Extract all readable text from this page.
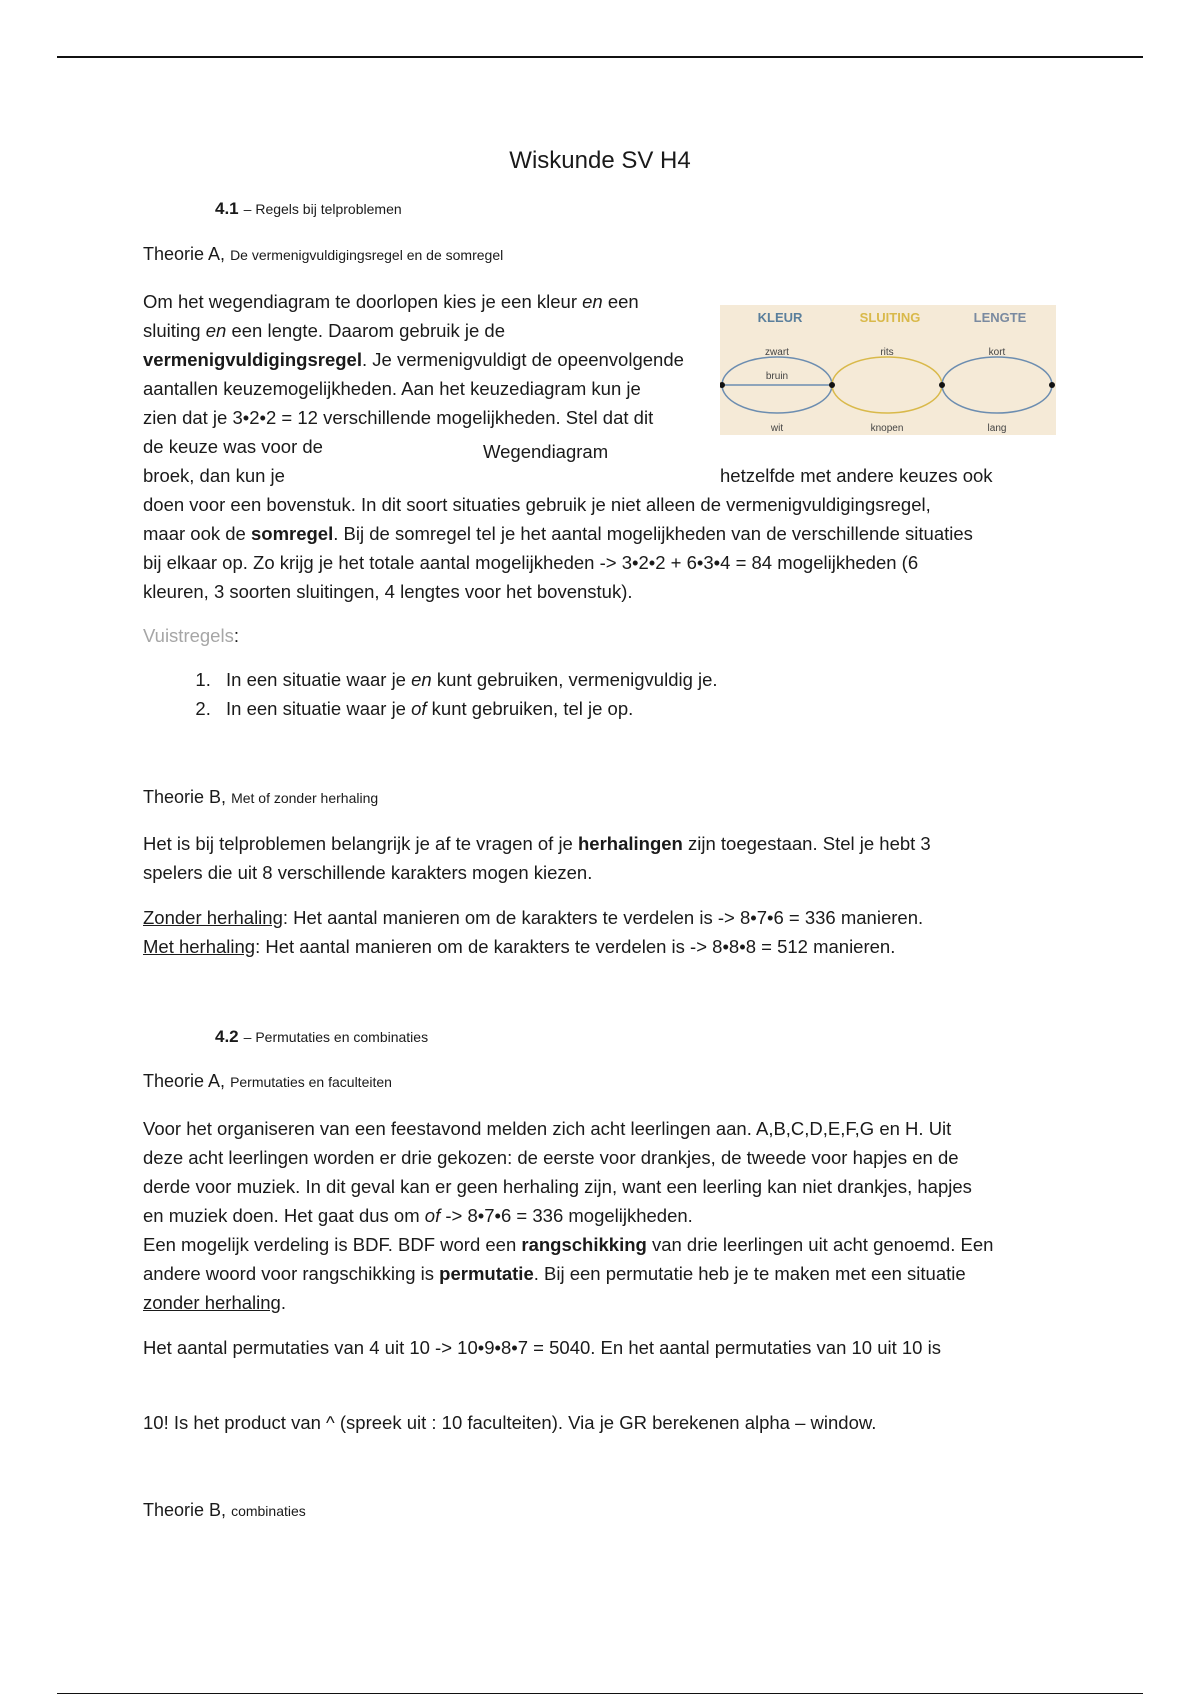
Wiskunde SV H4
4.1 – Regels bij telproblemen
Theorie A, De vermenigvuldigingsregel en de somregel

Om het wegendiagram te doorlopen kies je een kleur en een

sluiting en een lengte. Daarom gebruik je de

vermenigvuldigingsregel. Je vermenigvuldigt de opeenvolgende

aantallen keuzemogelijkheden. Aan het keuzediagram kun je

zien dat je 3•2•2 = 12 verschillende mogelijkheden. Stel dat dit

de keuze was voor de

broek, dan kun je	hetzelfde met andere keuzes ook

doen voor een bovenstuk. In dit soort situaties gebruik je niet alleen de vermenigvuldigingsregel,

maar ook de somregel. Bij de somregel tel je het aantal mogelijkheden van de verschillende situaties

bij elkaar op. Zo krijg je het totale aantal mogelijkheden -> 3•2•2 + 6•3•4 = 84 mogelijkheden (6

kleuren, 3 soorten sluitingen, 4 lengtes voor het bovenstuk).

KLEUR	SLUITING	LENGTE
zwart
bruin
wit
rits
knopen
kort
lang
Wegendiagram
Vuistregels:
1. In een situatie waar je en kunt gebruiken, vermenigvuldig je.
2. In een situatie waar je of kunt gebruiken, tel je op.
Theorie B, Met of zonder herhaling

Het is bij telproblemen belangrijk je af te vragen of je herhalingen zijn toegestaan. Stel je hebt 3

spelers die uit 8 verschillende karakters mogen kiezen.

Zonder herhaling: Het aantal manieren om de karakters te verdelen is -> 8•7•6 = 336 manieren.

Met herhaling: Het aantal manieren om de karakters te verdelen is -> 8•8•8 = 512 manieren.

4.2 – Permutaties en combinaties
Theorie A, Permutaties en faculteiten

Voor het organiseren van een feestavond melden zich acht leerlingen aan. A,B,C,D,E,F,G en H. Uit

deze acht leerlingen worden er drie gekozen: de eerste voor drankjes, de tweede voor hapjes en de

derde voor muziek. In dit geval kan er geen herhaling zijn, want een leerling kan niet drankjes, hapjes

en muziek doen. Het gaat dus om of -> 8•7•6 = 336 mogelijkheden.

Een mogelijk verdeling is BDF. BDF word een rangschikking van drie leerlingen uit acht genoemd. Een

andere woord voor rangschikking is permutatie. Bij een permutatie heb je te maken met een situatie

zonder herhaling.

Het aantal permutaties van 4 uit 10 -> 10•9•8•7 = 5040. En het aantal permutaties van 10 uit 10 is
10! Is het product van ^ (spreek uit : 10 faculteiten). Via je GR berekenen alpha – window.
Theorie B, combinaties
